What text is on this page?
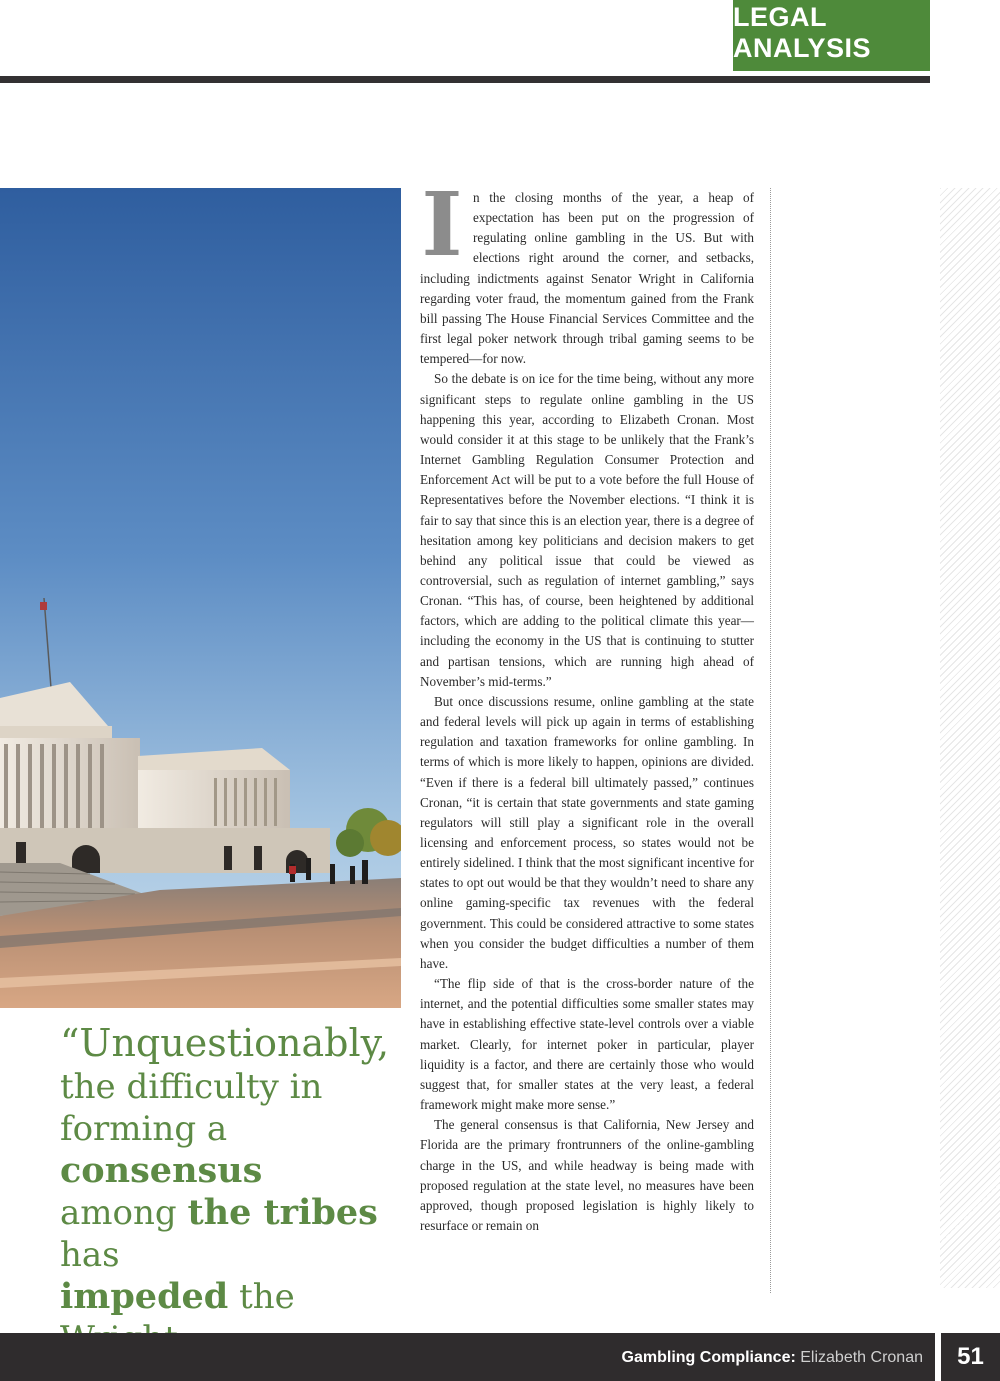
LEGAL ANALYSIS
“Unquestionably,
the difficulty in
forming a consensus
among the tribes has
impeded the

I n the closing months of the year, a heap of expectation has been put on the progression of regulating online gambling in the US. But with elections right around the corner, and setbacks, including indictments against Senator Wright in California regarding voter fraud, the momentum gained from the Frank bill passing The House Financial Services Committee and the first legal poker network through tribal gaming seems to be tempered—for now.

So the debate is on ice for the time being, without any more significant steps to regulate online gambling in the US happening this year, according to Elizabeth Cronan. Most would consider it at this stage to be unlikely that the Frank’s Internet Gambling Regulation Consumer Protection and Enforcement Act will be put to a vote before the full House of Representatives before the November elections. “I think it is fair to say that since this is an election year, there is a degree of hesitation among key politicians and decision makers to get behind any political issue that could be viewed as controversial, such as regulation of internet gambling,” says Cronan. “This has, of course, been heightened by additional factors, which are adding to the political climate this year—including the economy in the US that is continuing to stutter and partisan tensions, which are running high ahead of November’s mid-terms.”

But once discussions resume, online gambling at the state and federal levels will pick up again in terms of establishing regulation and taxation frameworks for online gambling. In terms of which is more likely to happen, opinions are divided. “Even if there is a federal bill ultimately passed,” continues Cronan, “it is certain that state governments and state gaming regulators will still play a significant role in the overall licensing and enforcement process, so states would not be entirely sidelined. I think that the most significant incentive for states to opt out would be that they wouldn’t need to share any online gaming-specific tax revenues with the federal government. This could be considered attractive to some states when you consider the budget difficulties a number of them have.

“The flip side of that is the cross-border nature of the internet, and the potential difficulties some smaller states may have in establishing effective state-level controls over a viable market. Clearly, for internet poker in particular, player liquidity is a factor, and there are certainly those who would suggest that, for smaller states at the very least, a federal framework might make more sense.”

The general consensus is that California, New Jersey and Florida are the primary frontrunners of the online-gambling charge in the US, and while headway is being made with proposed regulation at the state level, no measures have been approved, though proposed legislation is highly likely to resurface or remain on

Gambling Compliance: Elizabeth Cronan	51
